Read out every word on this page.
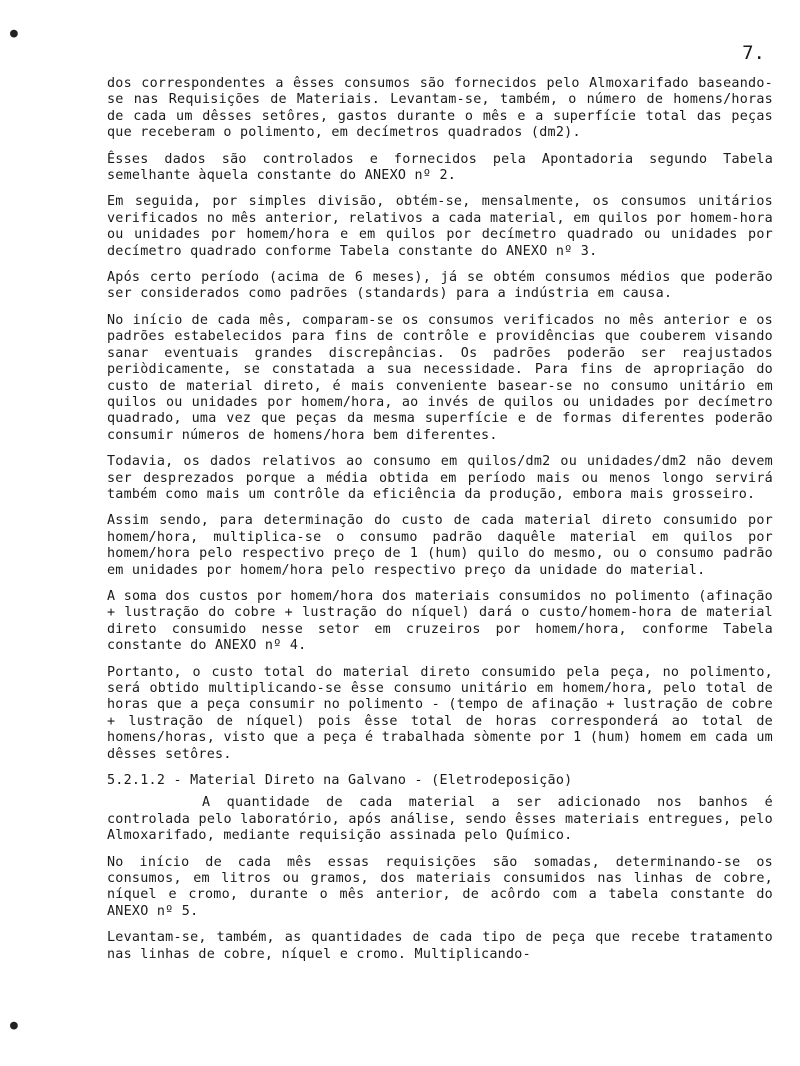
●
●
7.

dos correspondentes a êsses consumos são fornecidos pelo Almoxarifado baseando-se nas Requisições de Materiais. Levantam-se, também, o número de homens/horas de cada um dêsses setôres, gastos durante o mês e a superfície total das peças que receberam o polimento, em decímetros quadrados (dm2).

Êsses dados são controlados e fornecidos pela Apontadoria segundo Tabela semelhante àquela constante do ANEXO nº 2.

Em seguida, por simples divisão, obtém-se, mensalmente, os consumos unitários verificados no mês anterior, relativos a cada material, em quilos por homem-hora ou unidades por homem/hora e em quilos por decímetro quadrado ou unidades por decímetro quadrado conforme Tabela constante do ANEXO nº 3.

Após certo período (acima de 6 meses), já se obtém consumos médios que poderão ser considerados como padrões (standards) para a indústria em causa.

No início de cada mês, comparam-se os consumos verificados no mês anterior e os padrões estabelecidos para fins de contrôle e providências que couberem visando sanar eventuais grandes discrepâncias. Os padrões poderão ser reajustados periòdicamente, se constatada a sua necessidade. Para fins de apropriação do custo de material direto, é mais conveniente basear-se no consumo unitário em quilos ou unidades por homem/hora, ao invés de quilos ou unidades por decímetro quadrado, uma vez que peças da mesma superfície e de formas diferentes poderão consumir números de homens/hora bem diferentes.

Todavia, os dados relativos ao consumo em quilos/dm2 ou unidades/dm2 não devem ser desprezados porque a média obtida em período mais ou menos longo servirá também como mais um contrôle da eficiência da produção, embora mais grosseiro.

Assim sendo, para determinação do custo de cada material direto consumido por homem/hora, multiplica-se o consumo padrão daquêle material em quilos por homem/hora pelo respectivo preço de 1 (hum) quilo do mesmo, ou o consumo padrão em unidades por homem/hora pelo respectivo preço da unidade do material.

A soma dos custos por homem/hora dos materiais consumidos no polimento (afinação + lustração do cobre + lustração do níquel) dará o custo/homem-hora de material direto consumido nesse setor em cruzeiros por homem/hora, conforme Tabela constante do ANEXO nº 4.

Portanto, o custo total do material direto consumido pela peça, no polimento, será obtido multiplicando-se êsse consumo unitário em homem/hora, pelo total de horas que a peça consumir no polimento - (tempo de afinação + lustração de cobre + lustração de níquel) pois êsse total de horas corresponderá ao total de homens/horas, visto que a peça é trabalhada sòmente por 1 (hum) homem em cada um dêsses setôres.

5.2.1.2 - Material Direto na Galvano - (Eletrodeposição)

A quantidade de cada material a ser adicionado nos banhos é controlada pelo laboratório, após análise, sendo êsses materiais entregues, pelo Almoxarifado, mediante requisição assinada pelo Químico.

No início de cada mês essas requisições são somadas, determinando-se os consumos, em litros ou gramos, dos materiais consumidos nas linhas de cobre, níquel e cromo, durante o mês anterior, de acôrdo com a tabela constante do ANEXO nº 5.

Levantam-se, também, as quantidades de cada tipo de peça que recebe tratamento nas linhas de cobre, níquel e cromo. Multiplicando-
